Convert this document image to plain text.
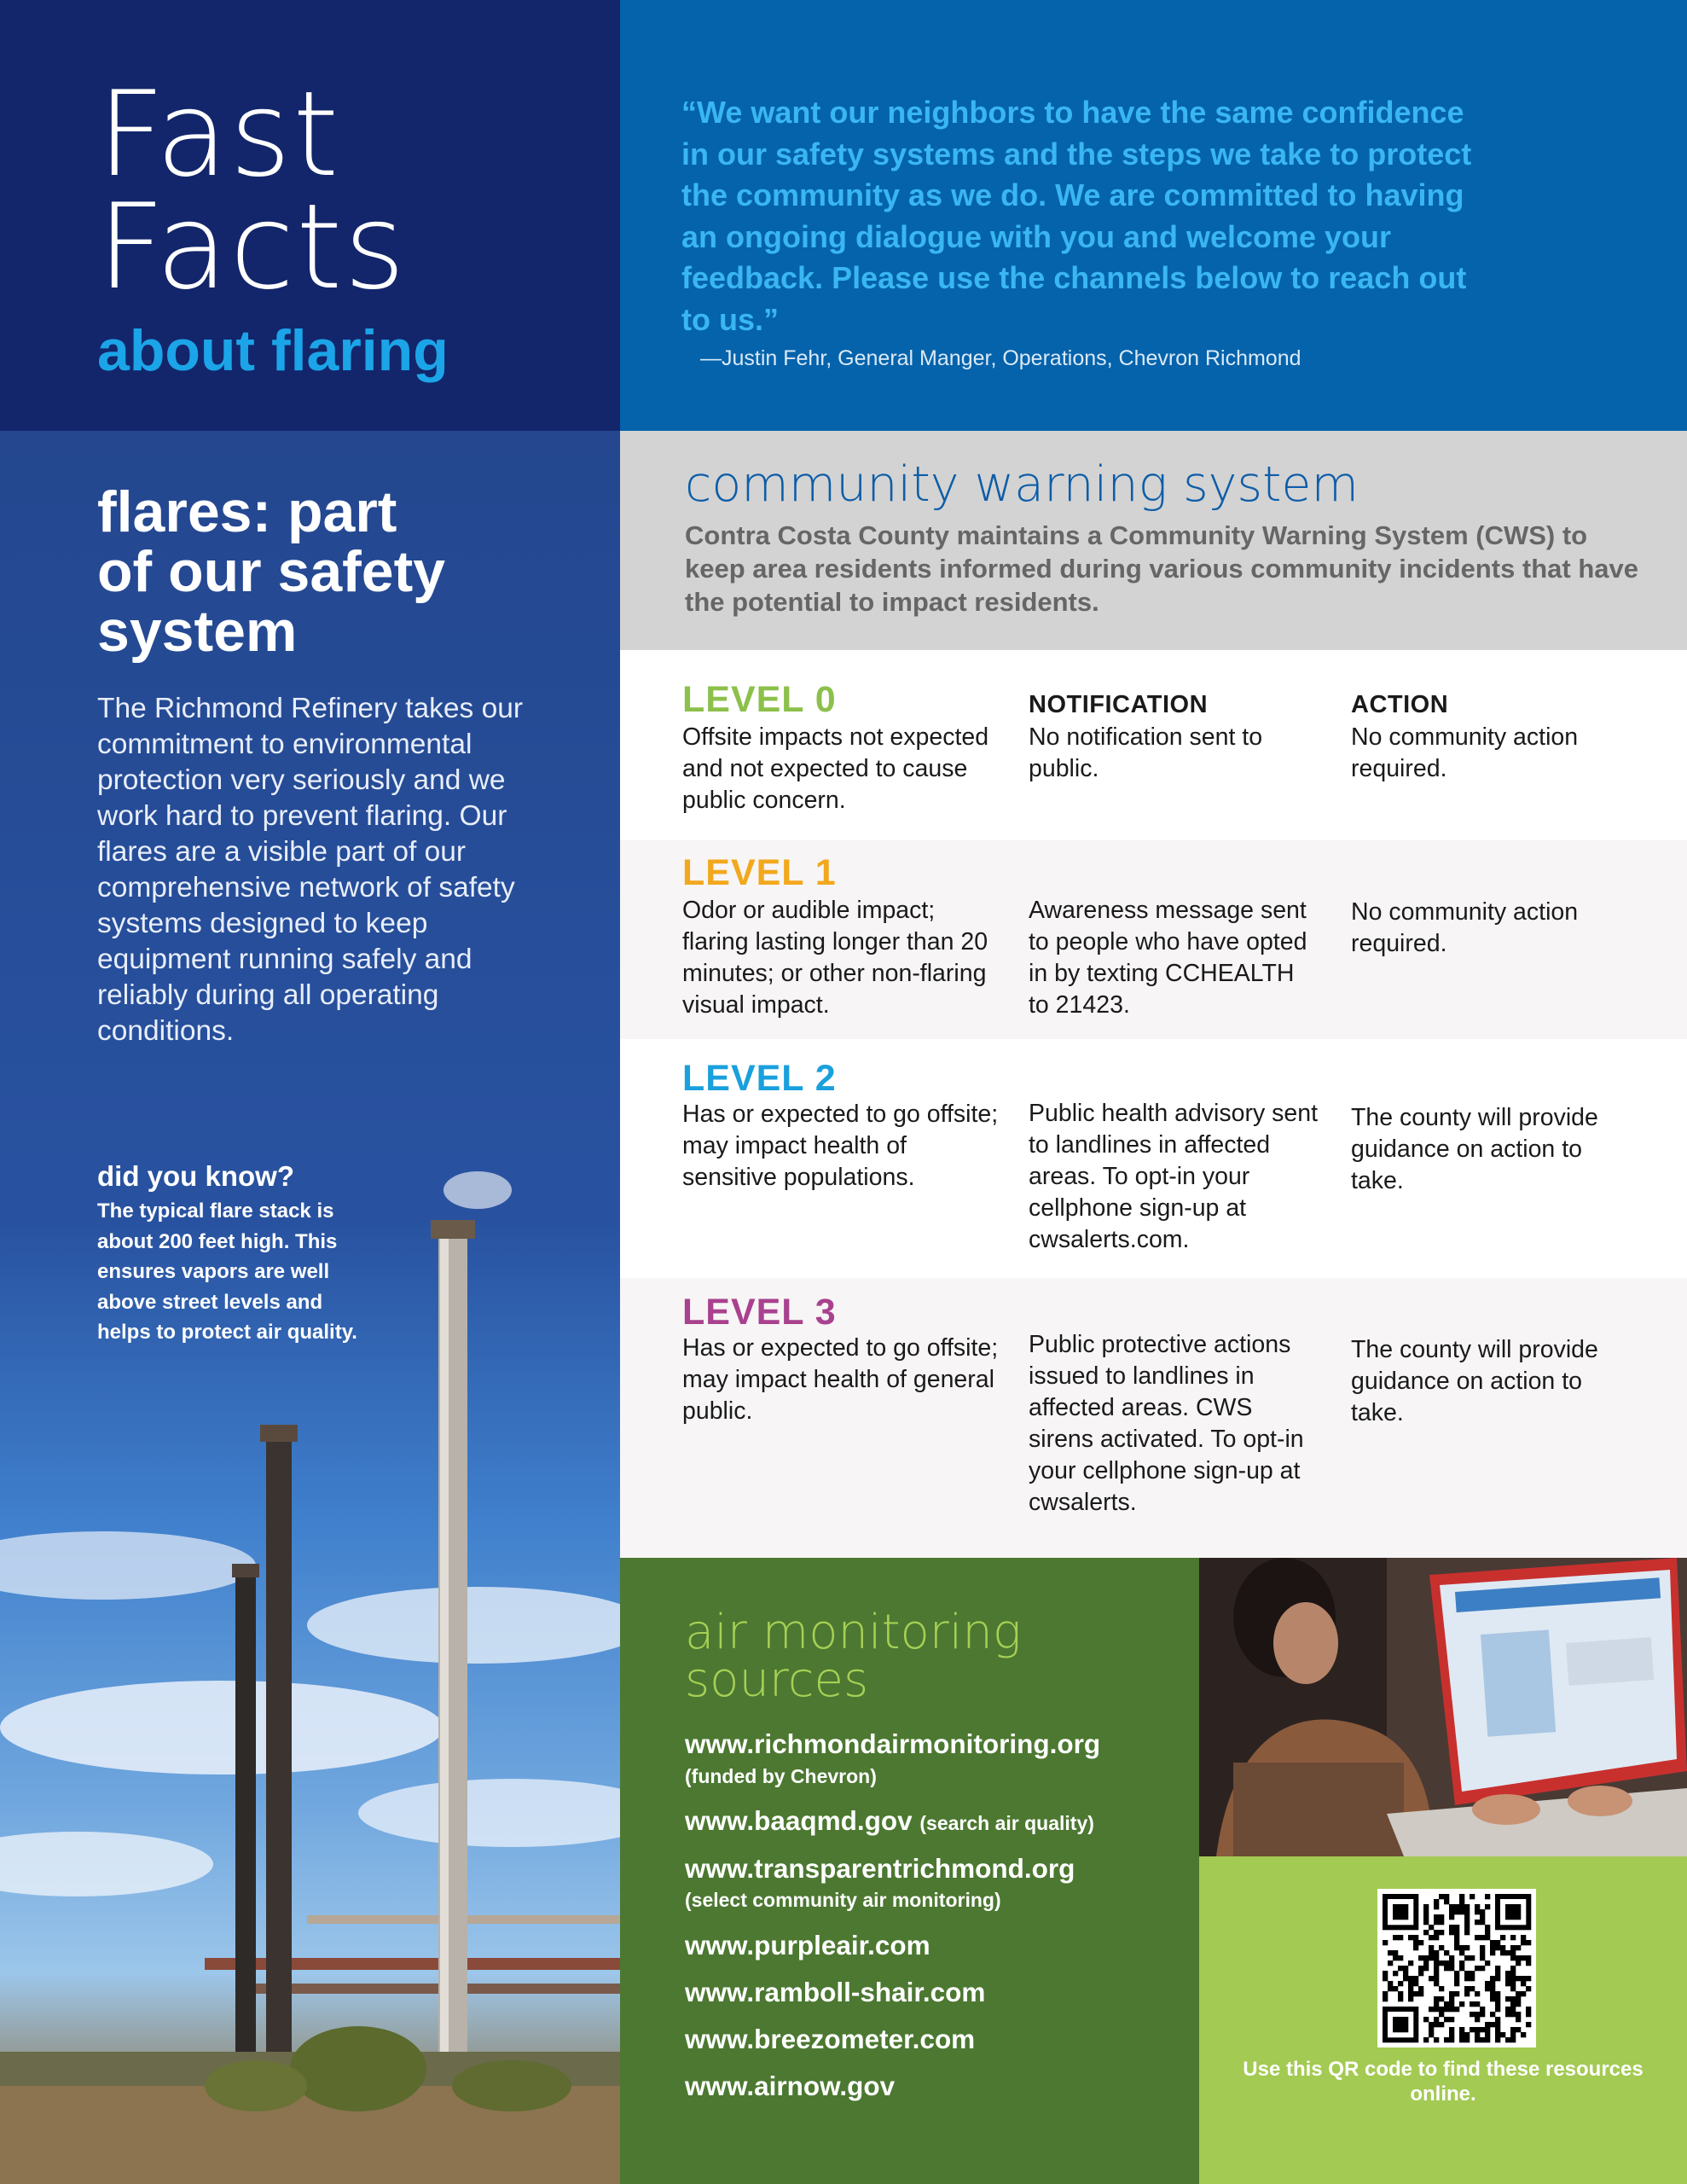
Fast
Facts
about flaring
“We want our neighbors to have the same confidence
in our safety systems and the steps we take to protect
the community as we do. We are committed to having
an ongoing dialogue with you and welcome your
feedback. Please use the channels below to reach out
to us.”
—Justin Fehr, General Manger, Operations, Chevron Richmond
flares: part
of our safety
system
The Richmond Refinery takes our commitment to environmental protection very seriously and we work hard to prevent flaring. Our flares are a visible part of our comprehensive network of safety systems designed to keep equipment running safely and reliably during all operating conditions.
did you know?
The typical flare stack is about 200 feet high. This ensures vapors are well above street levels and helps to protect air quality.
community warning system
Contra Costa County maintains a Community Warning System (CWS) to keep area residents informed during various community incidents that have the potential to impact residents.
LEVEL 0	NOTIFICATION	ACTION
Offsite impacts not expected and not expected to cause public concern.
No notification sent to public.
No community action required.
LEVEL 1
Odor or audible impact; flaring lasting longer than 20 minutes; or other non-flaring visual impact.
Awareness message sent to people who have opted in by texting CCHEALTH to 21423.
No community action required.
LEVEL 2
Has or expected to go offsite; may impact health of sensitive populations.
Public health advisory sent to landlines in affected areas. To opt-in your cellphone sign-up at cwsalerts.com.
The county will provide guidance on action to take.
LEVEL 3
Has or expected to go offsite; may impact health of general public.
Public protective actions issued to landlines in affected areas. CWS sirens activated. To opt-in your cellphone sign-up at cwsalerts.
The county will provide guidance on action to take.
air monitoring
sources
www.richmondairmonitoring.org
(funded by Chevron)
www.baaqmd.gov (search air quality)
www.transparentrichmond.org
(select community air monitoring)
www.purpleair.com
www.ramboll-shair.com
www.breezometer.com
www.airnow.gov
Use this QR code to find these resources online.
